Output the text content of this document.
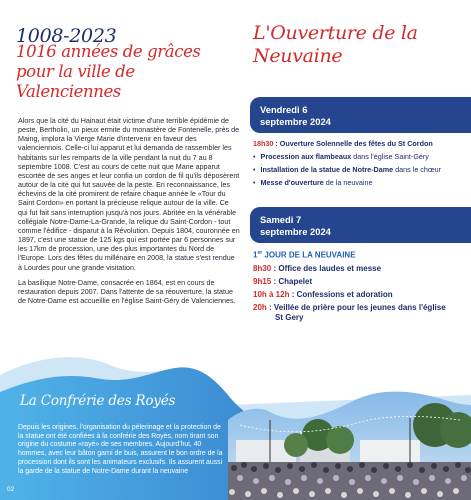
1008-2023
1016 années de grâces pour la ville de Valenciennes

Alors que la cité du Hainaut était victime d'une terrible épidémie de peste, Bertholin, un pieux ermite du monastère de Fontenelle, près de Maing, implora la Vierge Marie d'intervenir en faveur des valenciennois. Celle-ci lui apparut et lui demanda de rassembler les habitants sur les remparts de la ville pendant la nuit du 7 au 8 septembre 1008. C'est au cours de cette nuit que Marie apparut escortée de ses anges et leur confia un cordon de fil qu'ils déposèrent autour de la cité qui fut sauvée de la peste. En reconnaissance, les échevins de la cité promirent de refaire chaque année le «Tour du Saint Cordon» en portant la précieuse relique autour de la ville. Ce qui fut fait sans interruption jusqu'à nos jours. Abritée en la vénérable collégiale Notre-Dame-La-Grande, la relique du Saint-Cordon - tout comme l'édifice - disparut à la Révolution. Depuis 1804, couronnée en 1897, c'est une statue de 125 kgs qui est portée par 6 personnes sur les 17km de procession, une des plus importantes du Nord de l'Europe. Lors des fêtes du millénaire en 2008, la statue s'est rendue à Lourdes pour une grande visitation.

La basilique Notre-Dame, consacrée en 1864, est en cours de restauration depuis 2007. Dans l'attente de sa réouverture, la statue de Notre-Dame est accueillie en l'église Saint-Géry de Valenciennes.

L'Ouverture de la Neuvaine
Vendredi 6
septembre 2024
18h30 : Ouverture Solennelle des fêtes du St Cordon
• Procession aux flambeaux dans l'église Saint-Géry
• Installation de la statue de Notre-Dame dans le chœur
• Messe d'ouverture de la neuvaine
Samedi 7
septembre 2024
1er JOUR DE LA NEUVAINE
8h30 : Office des laudes et messe
9h15 : Chapelet
10h à 12h : Confessions et adoration
20h : Veillée de prière pour les jeunes dans l'église
St Gery
La Confrérie des Royés
Depuis les origines, l'organisation du pèlerinage et la protection de la statue ont été confiées à la confrérie des Royés, nom tirant son origine du costume «rayé» de ses membres. Aujourd'hui, 40 hommes, avec leur bâton garni de buis, assurent le bon ordre de la procession dont ils sont les animateurs exclusifs. Ils assurent aussi la garde de la statue de Notre-Dame durant la neuvaine
02
